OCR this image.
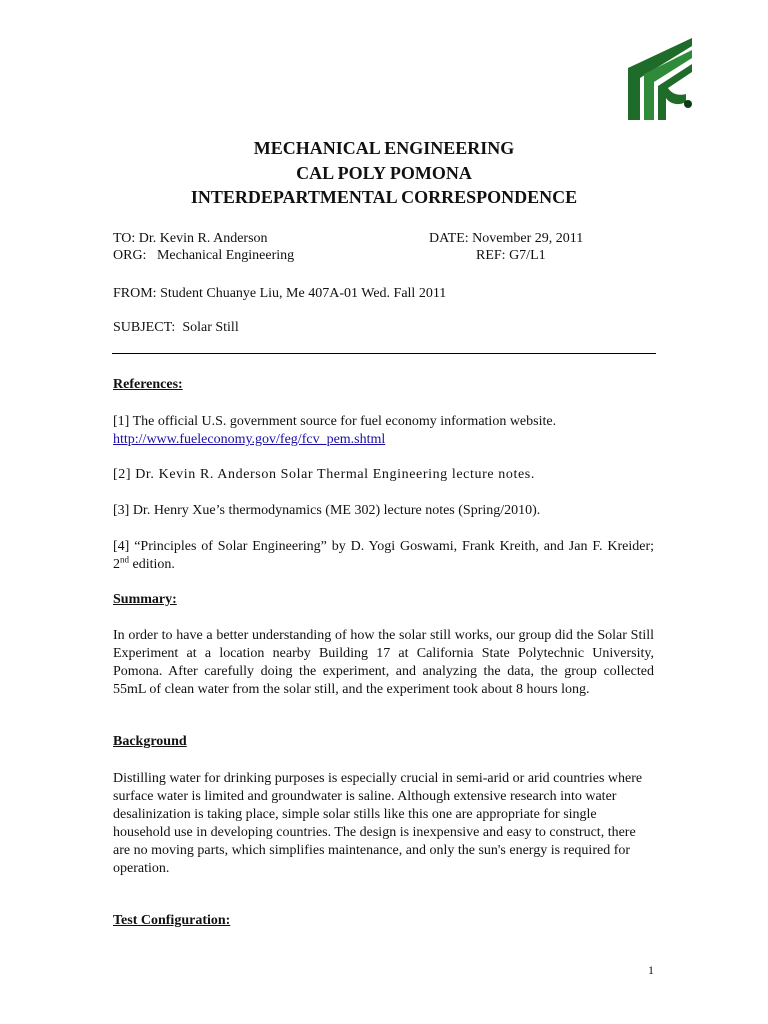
MECHANICAL ENGINEERING
CAL POLY POMONA
INTERDEPARTMENTAL CORRESPONDENCE
TO: Dr. Kevin R. Anderson	DATE: November 29, 2011
ORG:   Mechanical Engineering	REF: G7/L1
FROM: Student Chuanye Liu, Me 407A-01 Wed. Fall 2011
SUBJECT:  Solar Still
References:
[1] The official U.S. government source for fuel economy information website.
http://www.fueleconomy.gov/feg/fcv_pem.shtml
[2] Dr. Kevin R. Anderson Solar Thermal Engineering lecture notes.
[3] Dr. Henry Xue’s thermodynamics (ME 302) lecture notes (Spring/2010).
[4] “Principles of Solar Engineering” by D. Yogi Goswami, Frank Kreith, and Jan F. Kreider; 2nd edition.
Summary:
In order to have a better understanding of how the solar still works, our group did the Solar Still Experiment at a location nearby Building 17 at California State Polytechnic University, Pomona. After carefully doing the experiment, and analyzing the data, the group collected 55mL of clean water from the solar still, and the experiment took about 8 hours long.
Background
Distilling water for drinking purposes is especially crucial in semi-arid or arid countries where surface water is limited and groundwater is saline. Although extensive research into water desalinization is taking place, simple solar stills like this one are appropriate for single household use in developing countries. The design is inexpensive and easy to construct, there are no moving parts, which simplifies maintenance, and only the sun's energy is required for operation.
Test Configuration:
1
